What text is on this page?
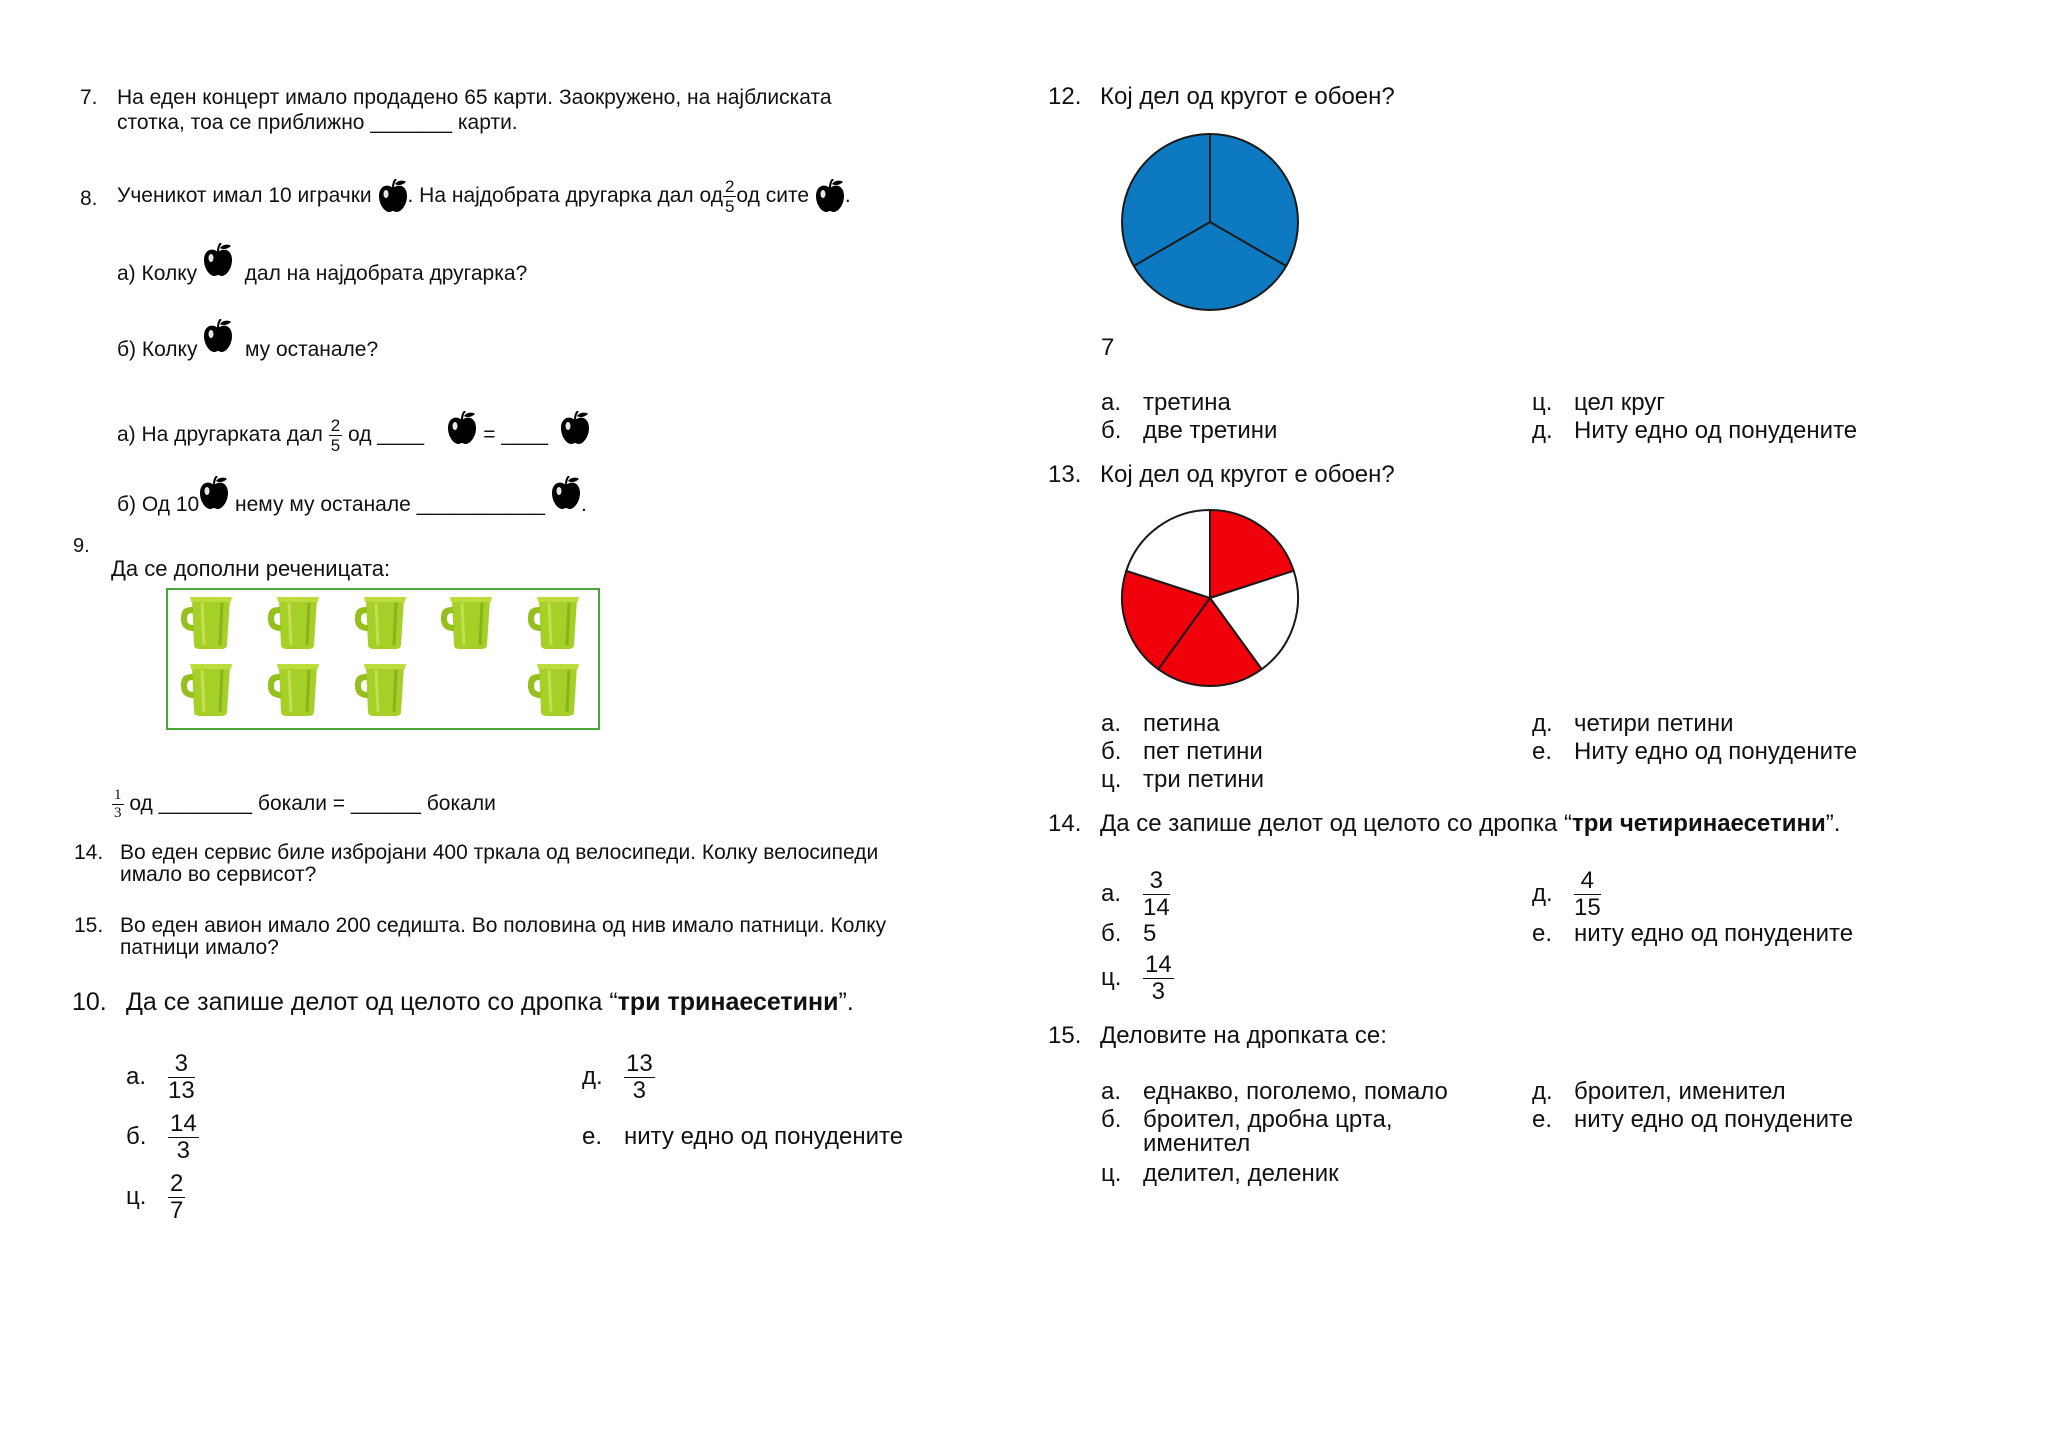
7. На еден концерт имало продадено 65 карти. Заокружено, на најблиската
стотка, тоа се приближно _______ карти.
8. Ученикот имал 10 играчки
. На најдобрата другарка дал од $\frac{2}{5}$ од сите
.
а) Колку

дал на најдобрата другарка?
б) Колку

му останале?
а) На другарката дал
$\frac{2}{5}$
од ____

	= ____

б) Од 10
нему му останале ___________
.
9.
Да се дополни реченицата:
$\frac{1}{3}$
од ________ бокали = ______ бокали
14. Во еден сервис биле избројани 400 тркала од велосипеди. Колку велосипеди
имало во сервисот?
15. Во еден авион имало 200 седишта. Во половина од нив имало патници. Колку
патници имало?
10. Да се запише делот од целото со дропка “три тринаесетини”.
а. $\frac{3}{13}$
б. $\frac{14}{3}$
ц. $\frac{2}{7}$
д. $\frac{13}{3}$
е. ниту едно од понудените
12. Кој дел од кругот е обоен?
7
а. третина
б. две третини
ц. цел круг
д. Ниту едно од понудените
13. Кој дел од кругот е обоен?
а. петина
б. пет петини
ц. три петини
д. четири петини
е. Ниту едно од понудените
14. Да се запише делот од целото со дропка “три четиринаесетини”.
а. $\frac{3}{14}$
б. 5
ц. $\frac{14}{3}$
д. $\frac{4}{15}$
е. ниту едно од понудените
15. Деловите на дропката се:
а. еднакво, поголемо, помало
б. броител, дробна црта,
именител
ц. делител, деленик
д. броител, именител
е. ниту едно од понудените
